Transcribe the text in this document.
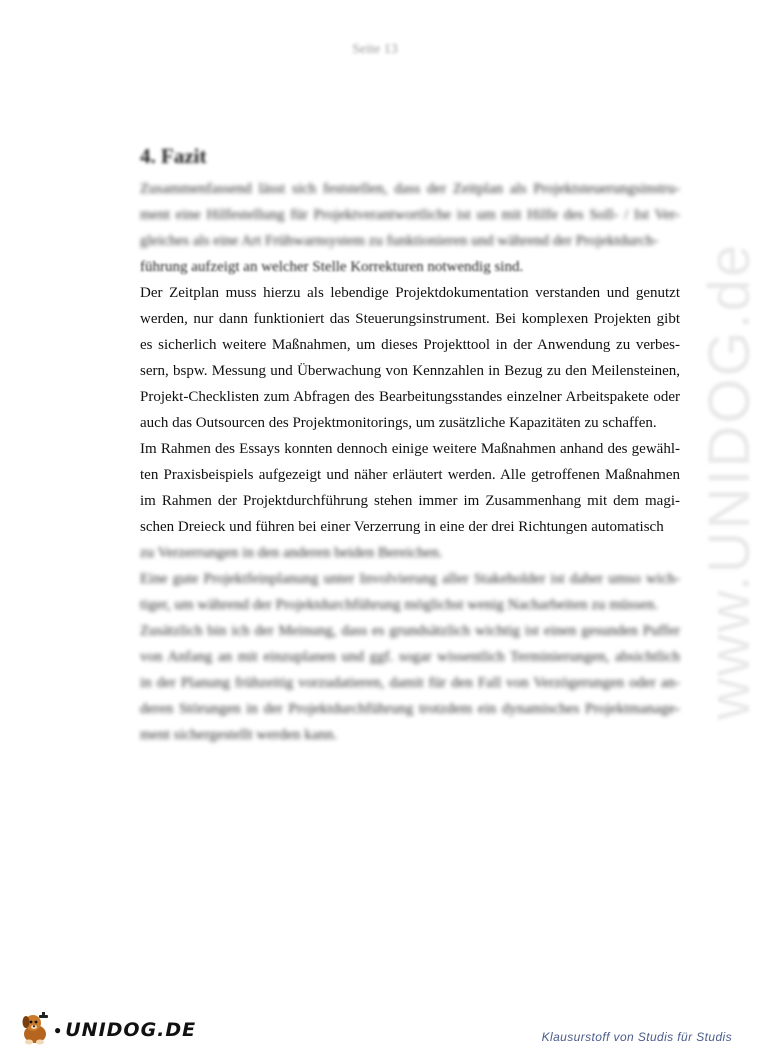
Seite 13
4. Fazit
Zusammenfassend lässt sich feststellen, dass der Zeitplan als Projektsteuerungsinstru-
ment eine Hilfestellung für Projektverantwortliche ist um mit Hilfe des Soll- / Ist Ver-
gleiches als eine Art Frühwarnsystem zu funktionieren und während der Projektdurch-
führung aufzeigt an welcher Stelle Korrekturen notwendig sind.
Der Zeitplan muss hierzu als lebendige Projektdokumentation verstanden und genutzt
werden, nur dann funktioniert das Steuerungsinstrument. Bei komplexen Projekten gibt
es sicherlich weitere Maßnahmen, um dieses Projekttool in der Anwendung zu verbes-
sern, bspw. Messung und Überwachung von Kennzahlen in Bezug zu den Meilensteinen,
Projekt-Checklisten zum Abfragen des Bearbeitungsstandes einzelner Arbeitspakete oder
auch das Outsourcen des Projektmonitorings, um zusätzliche Kapazitäten zu schaffen.
Im Rahmen des Essays konnten dennoch einige weitere Maßnahmen anhand des gewähl-
ten Praxisbeispiels aufgezeigt und näher erläutert werden. Alle getroffenen Maßnahmen
im Rahmen der Projektdurchführung stehen immer im Zusammenhang mit dem magi-
schen Dreieck und führen bei einer Verzerrung in eine der drei Richtungen automatisch
zu Verzerrungen in den anderen beiden Bereichen.
Eine gute Projektfeinplanung unter Involvierung aller Stakeholder ist daher umso wich-
tiger, um während der Projektdurchführung möglichst wenig Nacharbeiten zu müssen.
Zusätzlich bin ich der Meinung, dass es grundsätzlich wichtig ist einen gesunden Puffer
von Anfang an mit einzuplanen und ggf. sogar wissentlich Terminierungen, absichtlich
in der Planung frühzeitig vorzudatieren, damit für den Fall von Verzögerungen oder an-
deren Störungen in der Projektdurchführung trotzdem ein dynamisches Projektmanage-
ment sichergestellt werden kann.
www.UNIDOG.de
● UNIDOG.DE	Klausurstoff von Studis für Studis
